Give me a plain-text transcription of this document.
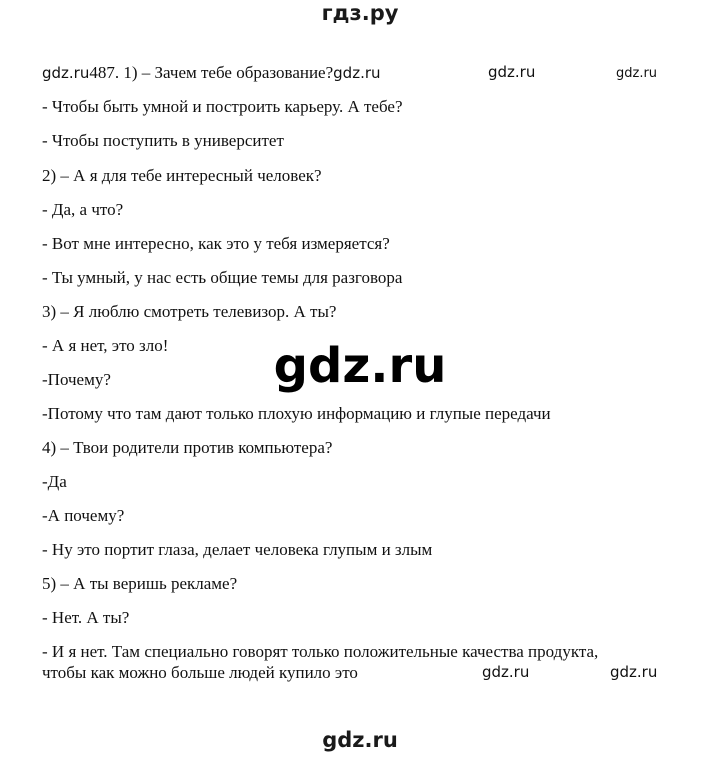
гдз.ру
gdz.ru487. 1) – Зачем тебе образование?gdz.ru	gdz.ru	gdz.ru
- Чтобы быть умной и построить карьеру. А тебе?
- Чтобы поступить в университет
2) – А я для тебе интересный человек?
- Да, а что?
- Вот мне интересно, как это у тебя измеряется?
- Ты умный, у нас есть общие темы для разговора
3) – Я люблю смотреть телевизор. А ты?
- А я нет, это зло!
-Почему?
-Потому что там дают только плохую информацию и глупые передачи
4) – Твои родители против компьютера?
-Да
-А почему?
- Ну это портит глаза, делает человека глупым и злым
5) – А ты веришь рекламе?
- Нет. А ты?
- И я нет. Там специально говорят только положительные качества продукта,
чтобы как можно больше людей купило это	gdz.ru	gdz.ru
gdz.ru
gdz.ru
